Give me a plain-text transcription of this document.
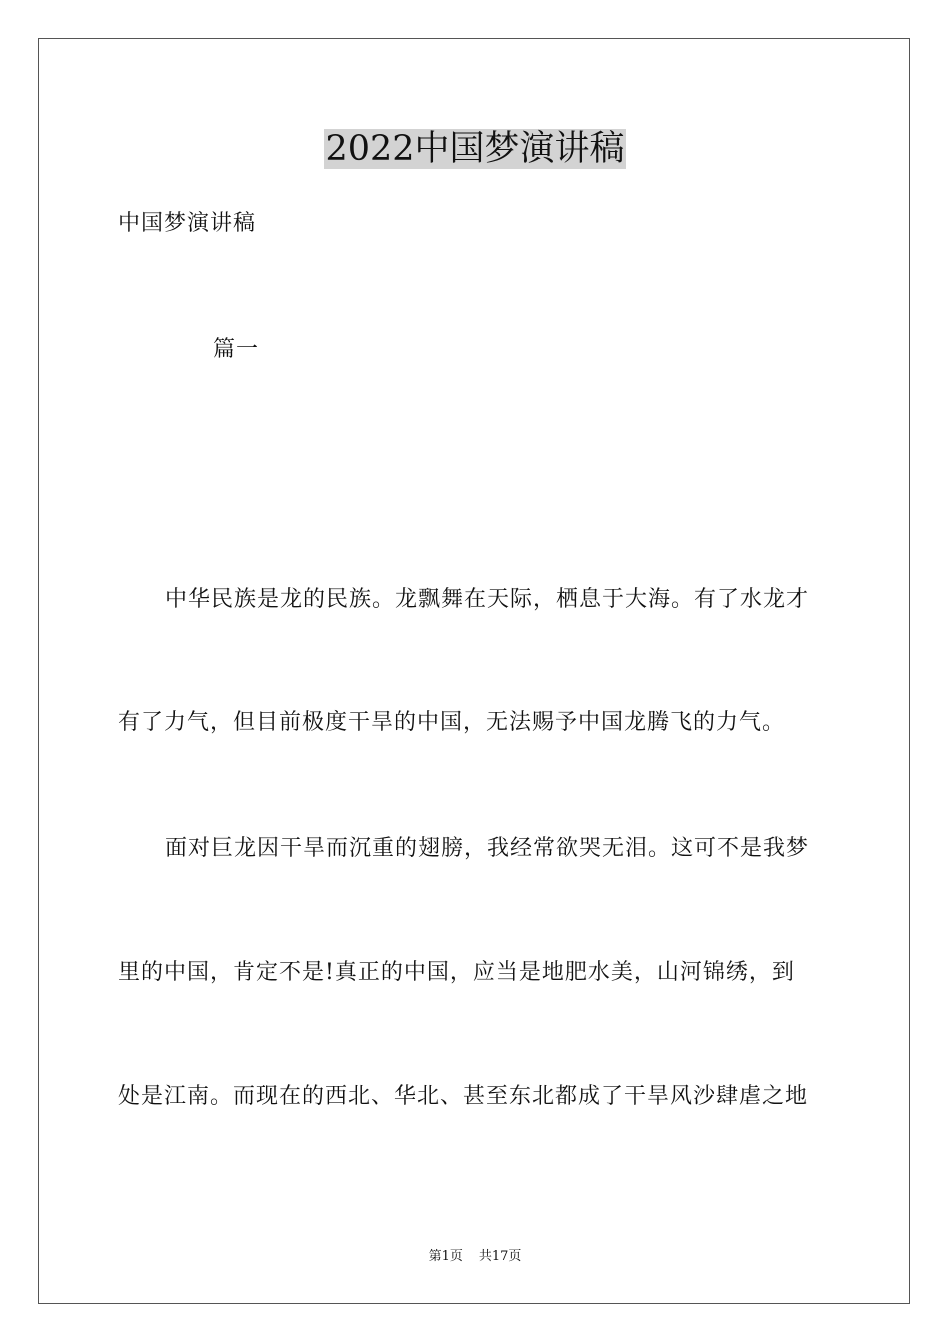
2022中国梦演讲稿
中国梦演讲稿
篇一
中华民族是龙的民族。龙飘舞在天际，栖息于大海。有了水龙才
有了力气，但目前极度干旱的中国，无法赐予中国龙腾飞的力气。
面对巨龙因干旱而沉重的翅膀，我经常欲哭无泪。这可不是我梦
里的中国，肯定不是!真正的中国，应当是地肥水美，山河锦绣，到
处是江南。而现在的西北、华北、甚至东北都成了干旱风沙肆虐之地
第1页 共17页
